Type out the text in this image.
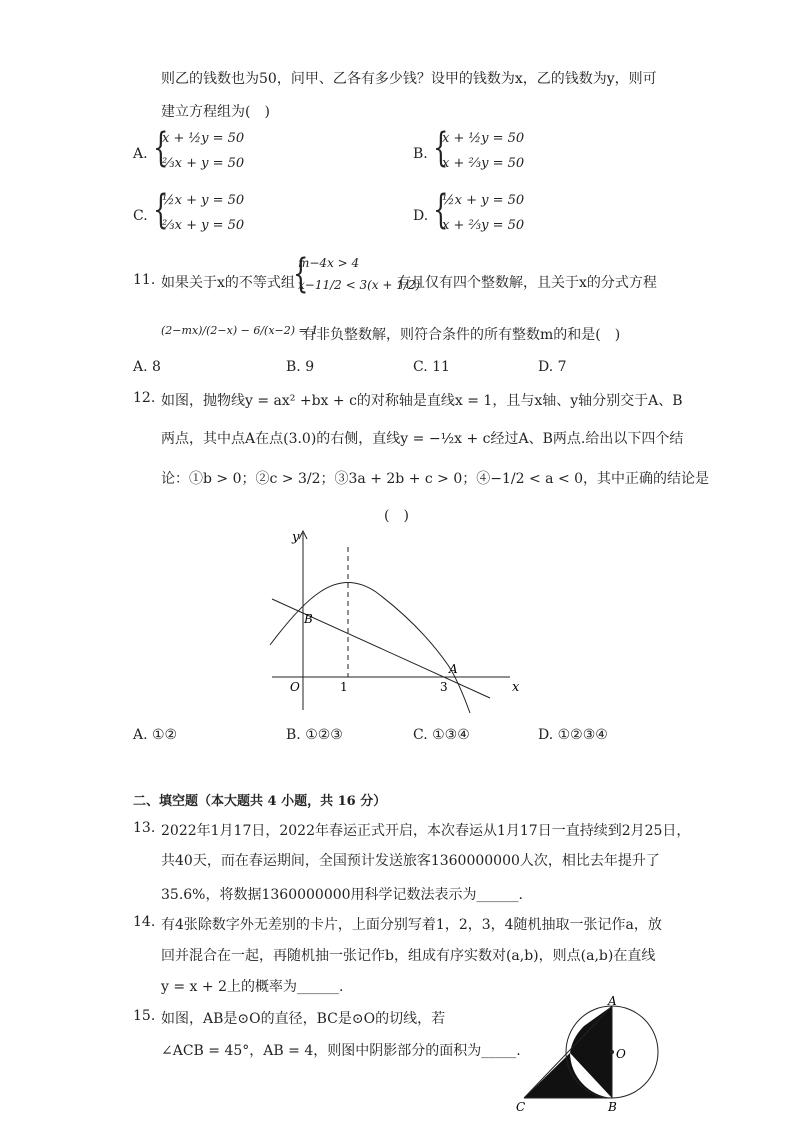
则乙的钱数也为50，问甲、乙各有多少钱？设甲的钱数为x，乙的钱数为y，则可
建立方程组为(　)
A. {
x + ½y = 50
⅔x + y = 50
B. {
x + ½y = 50
x + ⅔y = 50
C. {
½x + y = 50
⅔x + y = 50
D. {
½x + y = 50
x + ⅔y = 50
11. 如果关于x的不等式组
{
m−4x > 4
x−11/2 < 3(x + 1/2)
有且仅有四个整数解，且关于x的分式方程
(2−mx)/(2−x) − 6/(x−2) = 1
有非负整数解，则符合条件的所有整数m的和是(　)
A. 8	B. 9	C. 11	D. 7
12. 如图，抛物线y = ax² +bx + c的对称轴是直线x = 1，且与x轴、y轴分别交于A、B
两点，其中点A在点(3.0)的右侧，直线y = −½x + c经过A、B两点.给出以下四个结
论：①b > 0；②c > 3/2；③3a + 2b + c > 0；④−1/2 < a < 0，其中正确的结论是
(　)
y
x
O	1	3
A
B
A. ①②	B. ①②③	C. ①③④	D. ①②③④
二、填空题（本大题共 4 小题，共 16 分）
13. 2022年1月17日，2022年春运正式开启，本次春运从1月17日一直持续到2月25日，
共40天，而在春运期间，全国预计发送旅客1360000000人次，相比去年提升了
35.6%，将数据1360000000用科学记数法表示为______.
14. 有4张除数字外无差别的卡片，上面分别写着1，2，3，4随机抽取一张记作a，放
回并混合在一起，再随机抽一张记作b，组成有序实数对(a,b)，则点(a,b)在直线
y = x + 2上的概率为______.
15. 如图，AB是⊙O的直径，BC是⊙O的切线，若
∠ACB = 45°，AB = 4，则图中阴影部分的面积为_____.
A
O
B
C
